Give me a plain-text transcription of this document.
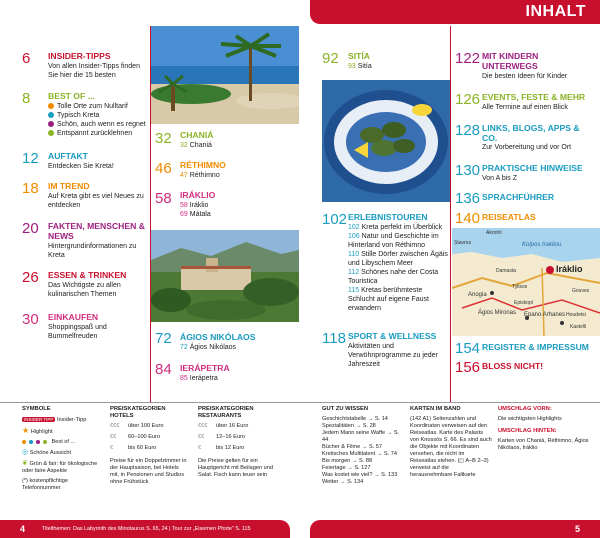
INHALT
6 INSIDER-TIPPS
Von allen Insider-Tipps finden Sie hier die 15 besten
8 BEST OF ...
Tolle Orte zum Nulltarif
Typisch Kreta
Schön, auch wenn es regnet
Entspannt zurücklehnen
12 AUFTAKT
Entdecken Sie Kreta!
18 IM TREND
Auf Kreta gibt es viel Neues zu entdecken
20 FAKTEN, MENSCHEN & NEWS
Hintergrundinformationen zu Kreta
26 ESSEN & TRINKEN
Das Wichtigste zu allen kulinarischen Themen
30 EINKAUFEN
Shoppingspaß und Bummelfreuden
32 CHANIÁ
32 Chaniá
46 RÉTHIMNO
47 Réthimno
58 IRÁKLIO
58 Iráklio
69 Mátala
72 ÁGIOS NIKÓLAOS
72 Ágios Nikólaos
84 IERÁPETRA
85 Ierápetra
92 SITÍA
93 Sitía
102 ERLEBNISTOUREN
102 Kreta perfekt im Überblick
106 Natur und Geschichte im Hinterland von Réthimno
110 Stille Dörfer zwischen Ägäis und Libyschem Meer
112 Schönes nahe der Costa Touristica
115 Kretas berühmteste Schlucht auf eigene Faust erwandern
118 SPORT & WELLNESS
Aktivitäten und Verwöhnprogramme zu jeder Jahreszeit
122 MIT KINDERN UNTERWEGS
Die besten Ideen für Kinder
126 EVENTS, FESTE & MEHR
Alle Termine auf einen Blick
128 LINKS, BLOGS, APPS & CO.
Zur Vorbereitung und vor Ort
130 PRAKTISCHE HINWEISE
Von A bis Z
136 SPRACHFÜHRER
140 REISEATLAS
Akrotiri
Stavros	Kolpos Irakliou
Damasta	Iráklio
Tylisos
Anogia
Episkopí
Gouves
Ágios Mironas Epano Arhanes Houdetsi
Kastelli
154 REGISTER & IMPRESSUM
156 BLOSS NICHT!
SYMBOLE
INSIDER TIPP Insider-Tipp
★ Highlight
Best of ...
◎ Schöne Aussicht
❦ Grün & fair: für ökologische oder faire Aspekte
(*) kostenpflichtige Telefonnummer
PREISKATEGORIEN HOTELS
€€€ über 100 Euro
€€ 60–100 Euro
€	bis 60 Euro
Preise für ein Doppelzimmer in der Hauptsaison, bei Hotels mit, in Pensionen und Studios ohne Frühstück
PREISKATEGORIEN RESTAURANTS
€€€ über 16 Euro
€€ 12–16 Euro
€	bis 12 Euro
Die Preise gelten für ein Hauptgericht mit Beilagen und Salat. Fisch kann teuer sein
GUT ZU WISSEN
Geschichtstabelle → S. 14
Spezialitäten → S. 28
Jedem Mann seine Waffe → S. 44
Bücher & Filme → S. 57
Kretisches Multitalent → S. 74
Bis morgen → S. 88
Feiertage → S. 127
Was kostet wie viel? → S. 133
Wetter → S. 134
KARTEN IM BAND
(142 A1) Seitenzahlen und Koordinaten verweisen auf den Reiseatlas. Karte des Palasts von Knossós S. 66. Es sind auch die Objekte mit Koordinaten versehen, die nicht im Reiseatlas stehen. (◻ A–B 2–3) verweist auf die herausnehmbare Faltkarte
UMSCHLAG VORN:
Die wichtigsten Highlights
UMSCHLAG HINTEN:
Karten von Chaniá, Réthimno, Ágios Nikólaos, Iráklio
4	Titelthemen: Das Labyrinth des Minotaurus S. 65, 24 | Tour zur „Eisernen Pforte" S. 115	5
